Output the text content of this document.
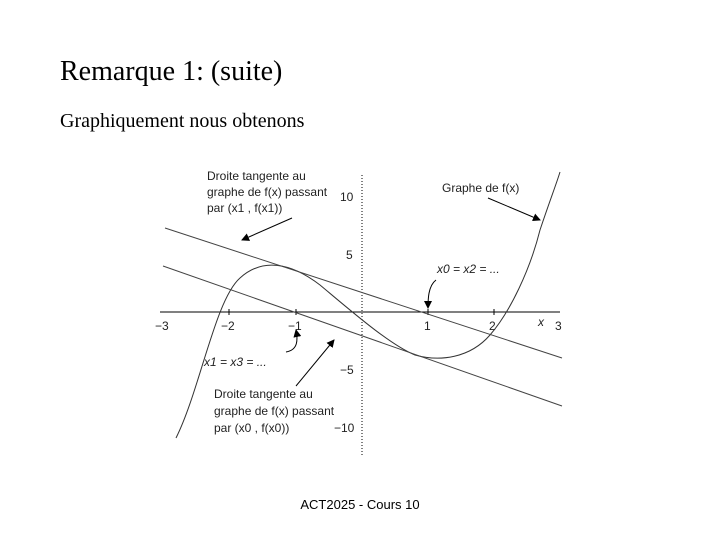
Remarque 1: (suite)
Graphiquement nous obtenons
−3	−2	−1	1	2	3
x
10
5
−5
−10
Droite tangente au
graphe de f(x) passant
par (x1 , f(x1))
Graphe de f(x)
x0 = x2 = ...
x1 = x3 = ...
Droite tangente au
graphe de f(x) passant
par (x0 , f(x0))
ACT2025 - Cours 10
